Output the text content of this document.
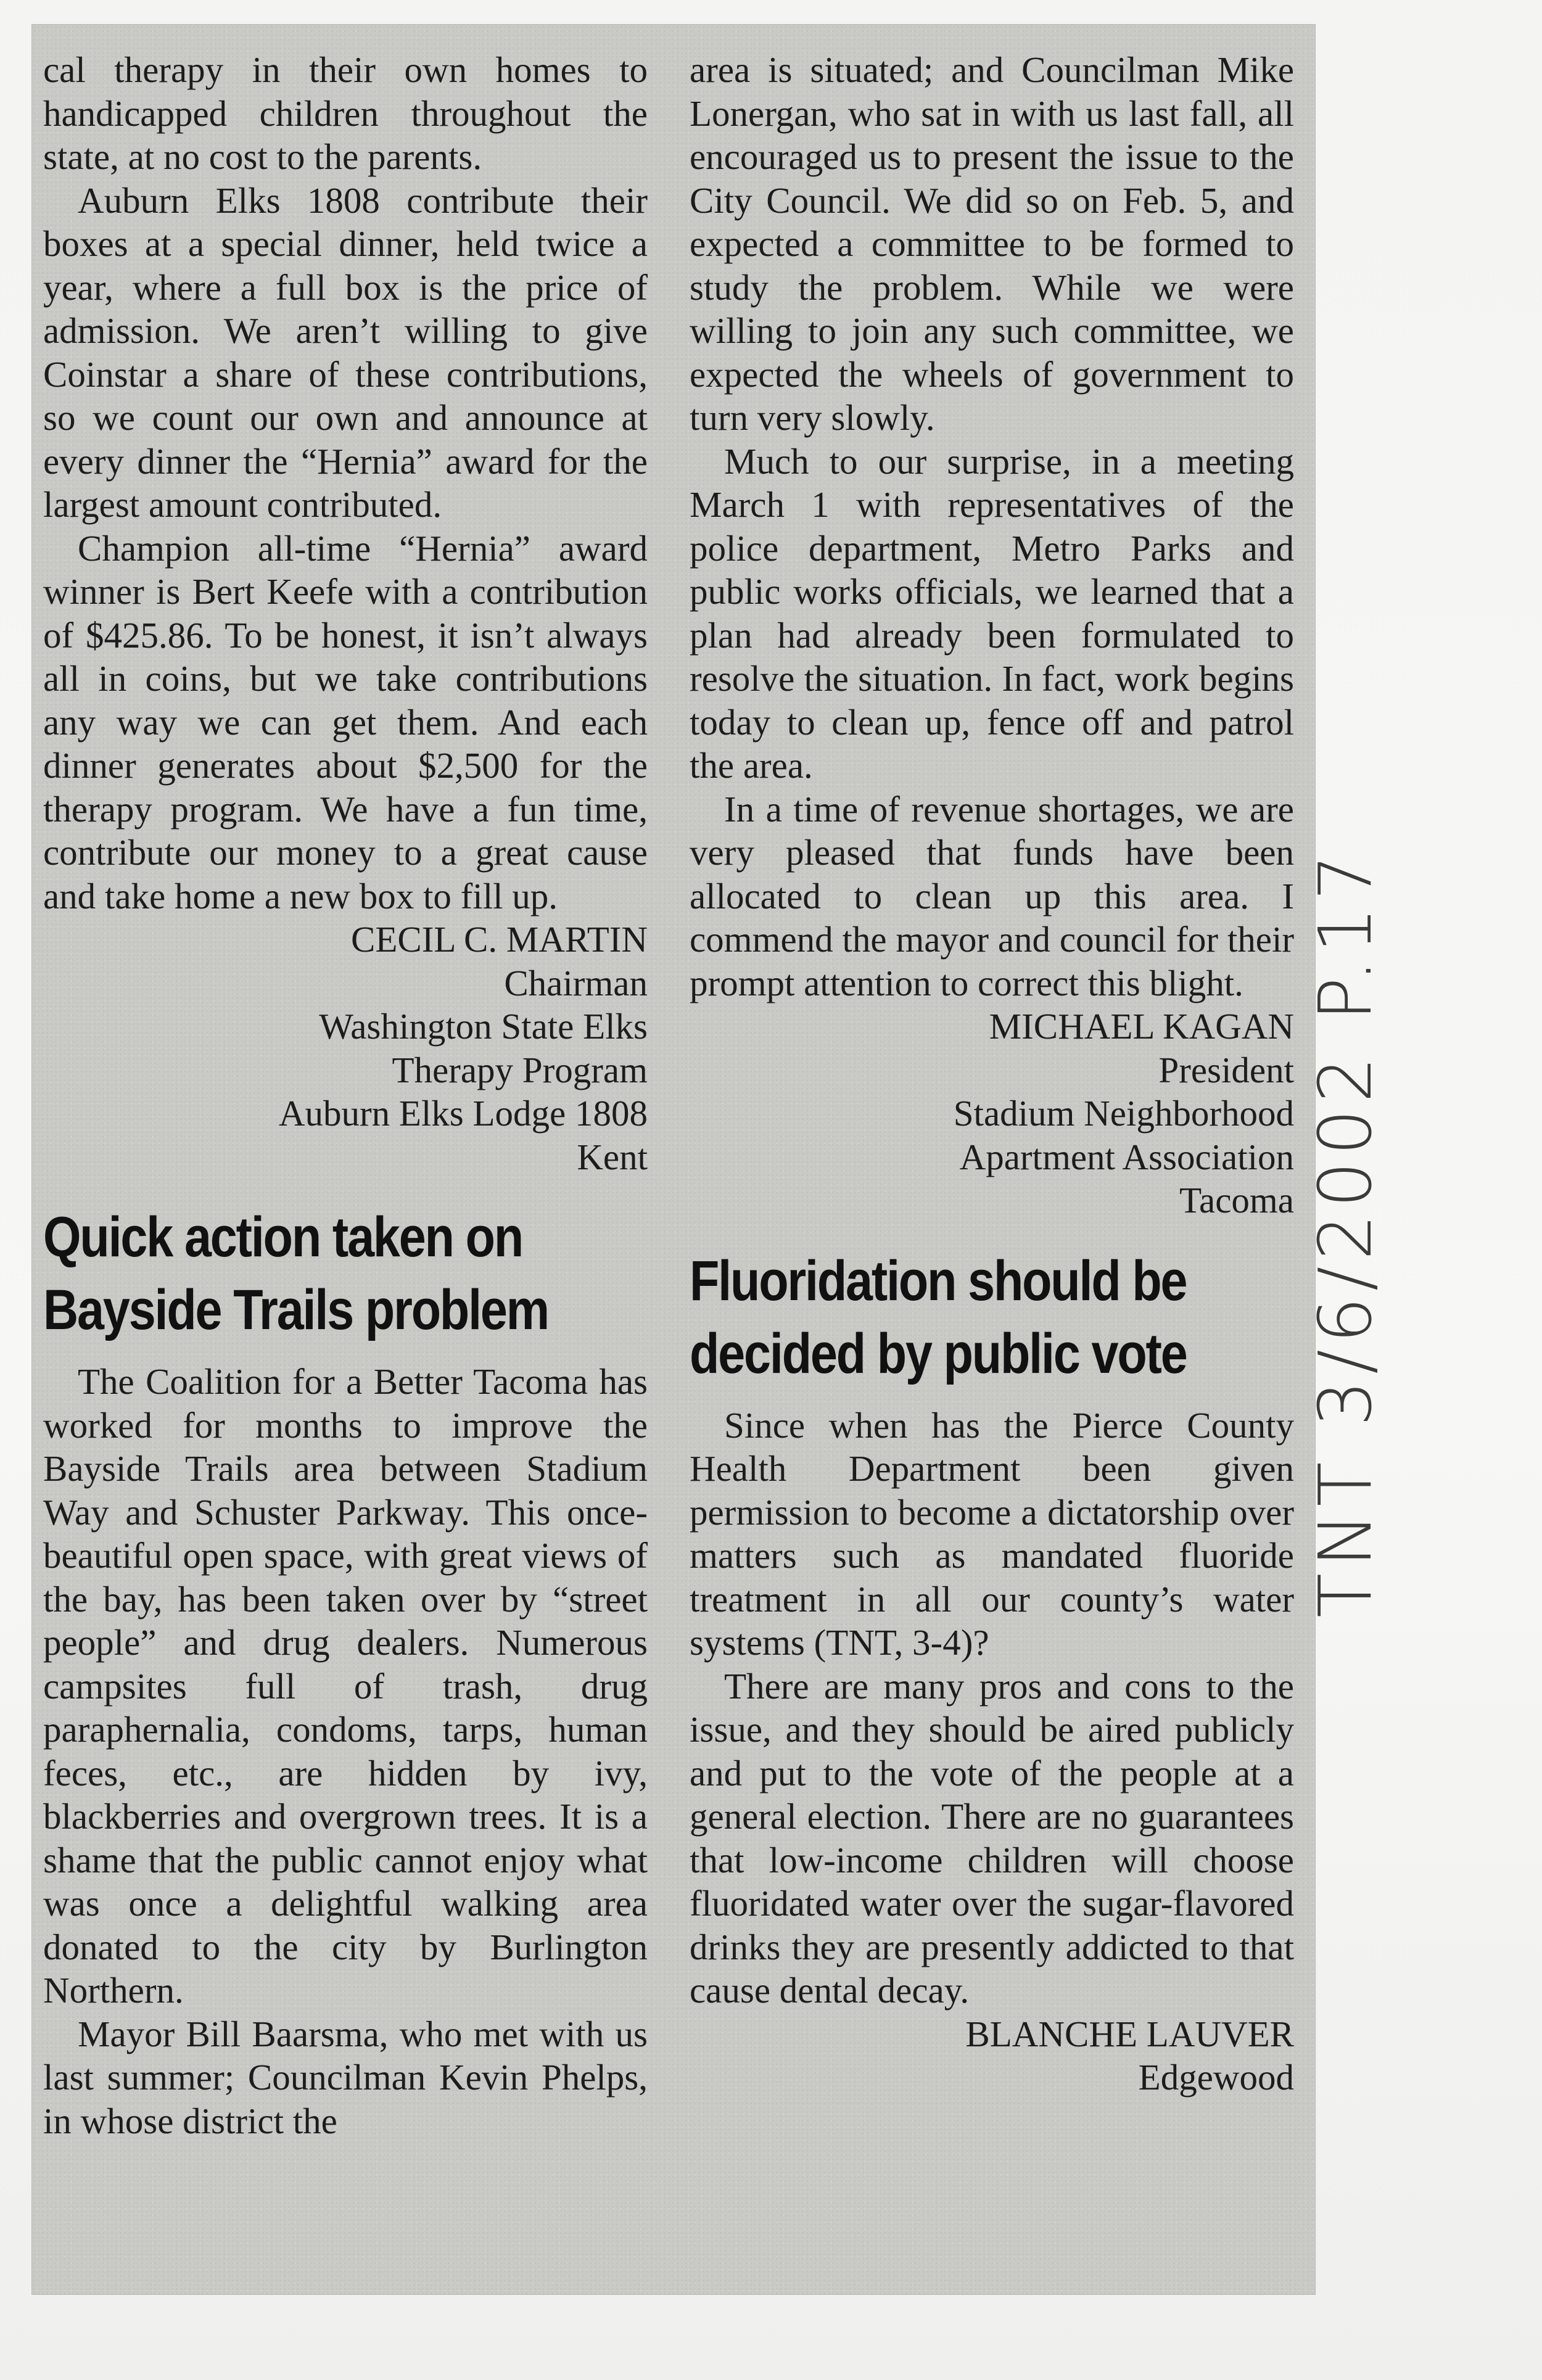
cal therapy in their own homes to handicapped children throughout the state, at no cost to the parents.

Auburn Elks 1808 contribute their boxes at a special dinner, held twice a year, where a full box is the price of admission. We aren’t willing to give Coinstar a share of these contributions, so we count our own and announce at every dinner the “Hernia” award for the largest amount contributed.

Champion all-time “Hernia” award winner is Bert Keefe with a contribution of $425.86. To be honest, it isn’t always all in coins, but we take contributions any way we can get them. And each dinner generates about $2,500 for the therapy program. We have a fun time, contribute our money to a great cause and take home a new box to fill up.

CECIL C. MARTIN

Chairman

Washington State Elks

Therapy Program

Auburn Elks Lodge 1808

Kent

Quick action taken on
Bayside Trails problem

The Coalition for a Better Tacoma has worked for months to improve the Bayside Trails area between Stadium Way and Schuster Parkway. This once-beautiful open space, with great views of the bay, has been taken over by “street people” and drug dealers. Numerous campsites full of trash, drug paraphernalia, condoms, tarps, human feces, etc., are hidden by ivy, blackberries and overgrown trees. It is a shame that the public cannot enjoy what was once a delightful walking area donated to the city by Burlington Northern.

Mayor Bill Baarsma, who met with us last summer; Councilman Kevin Phelps, in whose district the

area is situated; and Councilman Mike Lonergan, who sat in with us last fall, all encouraged us to present the issue to the City Council. We did so on Feb. 5, and expected a committee to be formed to study the problem. While we were willing to join any such committee, we expected the wheels of government to turn very slowly.

Much to our surprise, in a meeting March 1 with representatives of the police department, Metro Parks and public works officials, we learned that a plan had already been formulated to resolve the situation. In fact, work begins today to clean up, fence off and patrol the area.

In a time of revenue shortages, we are very pleased that funds have been allocated to clean up this area. I commend the mayor and council for their prompt attention to correct this blight.

MICHAEL KAGAN

President

Stadium Neighborhood

Apartment Association

Tacoma

Fluoridation should be
decided by public vote

Since when has the Pierce County Health Department been given permission to become a dictatorship over matters such as mandated fluoride treatment in all our county’s water systems (TNT, 3-4)?

There are many pros and cons to the issue, and they should be aired publicly and put to the vote of the people at a general election. There are no guarantees that low-income children will choose fluoridated water over the sugar-flavored drinks they are presently addicted to that cause dental decay.

BLANCHE LAUVER

Edgewood

TNT 3/6/2002 P.17
